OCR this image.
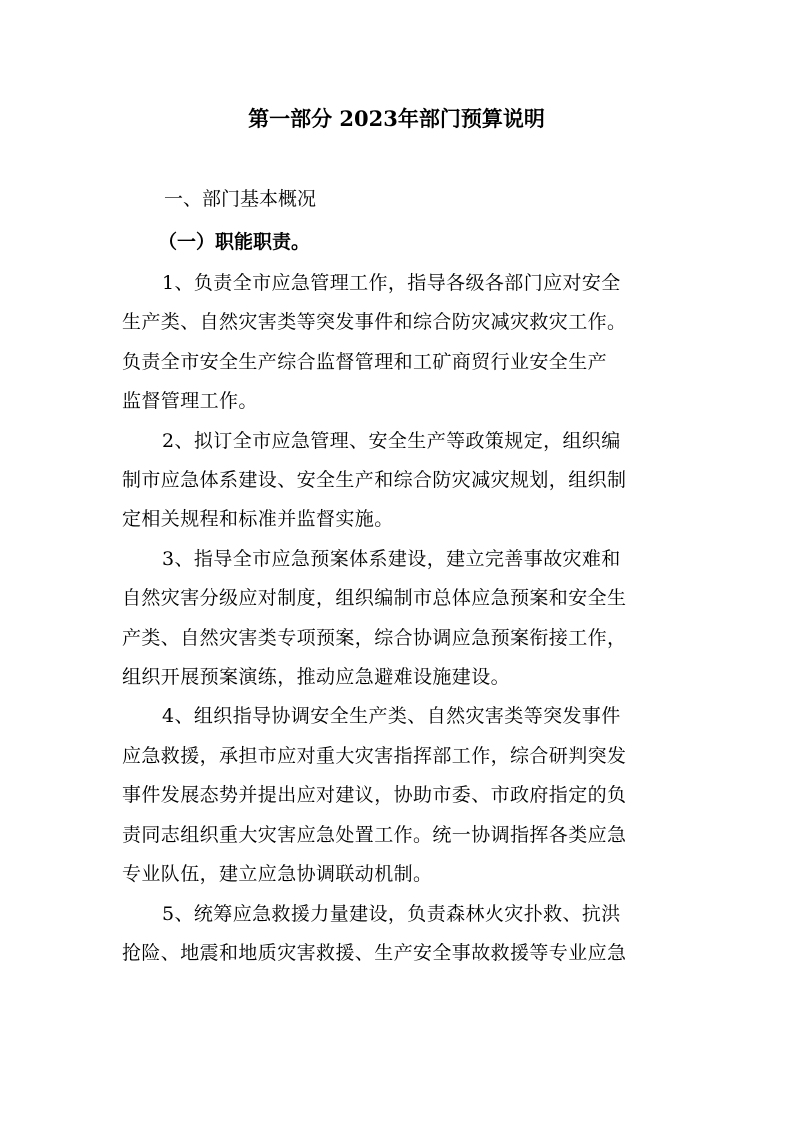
第一部分 2023年部门预算说明
一、部门基本概况
（一）职能职责。

1、负责全市应急管理工作，指导各级各部门应对安全
生产类、自然灾害类等突发事件和综合防灾减灾救灾工作。
负责全市安全生产综合监督管理和工矿商贸行业安全生产
监督管理工作。

2、拟订全市应急管理、安全生产等政策规定，组织编
制市应急体系建设、安全生产和综合防灾减灾规划，组织制
定相关规程和标准并监督实施。

3、指导全市应急预案体系建设，建立完善事故灾难和
自然灾害分级应对制度，组织编制市总体应急预案和安全生
产类、自然灾害类专项预案，综合协调应急预案衔接工作，
组织开展预案演练，推动应急避难设施建设。

4、组织指导协调安全生产类、自然灾害类等突发事件
应急救援，承担市应对重大灾害指挥部工作，综合研判突发
事件发展态势并提出应对建议，协助市委、市政府指定的负
责同志组织重大灾害应急处置工作。统一协调指挥各类应急
专业队伍，建立应急协调联动机制。

5、统筹应急救援力量建设，负责森林火灾扑救、抗洪
抢险、地震和地质灾害救援、生产安全事故救援等专业应急
